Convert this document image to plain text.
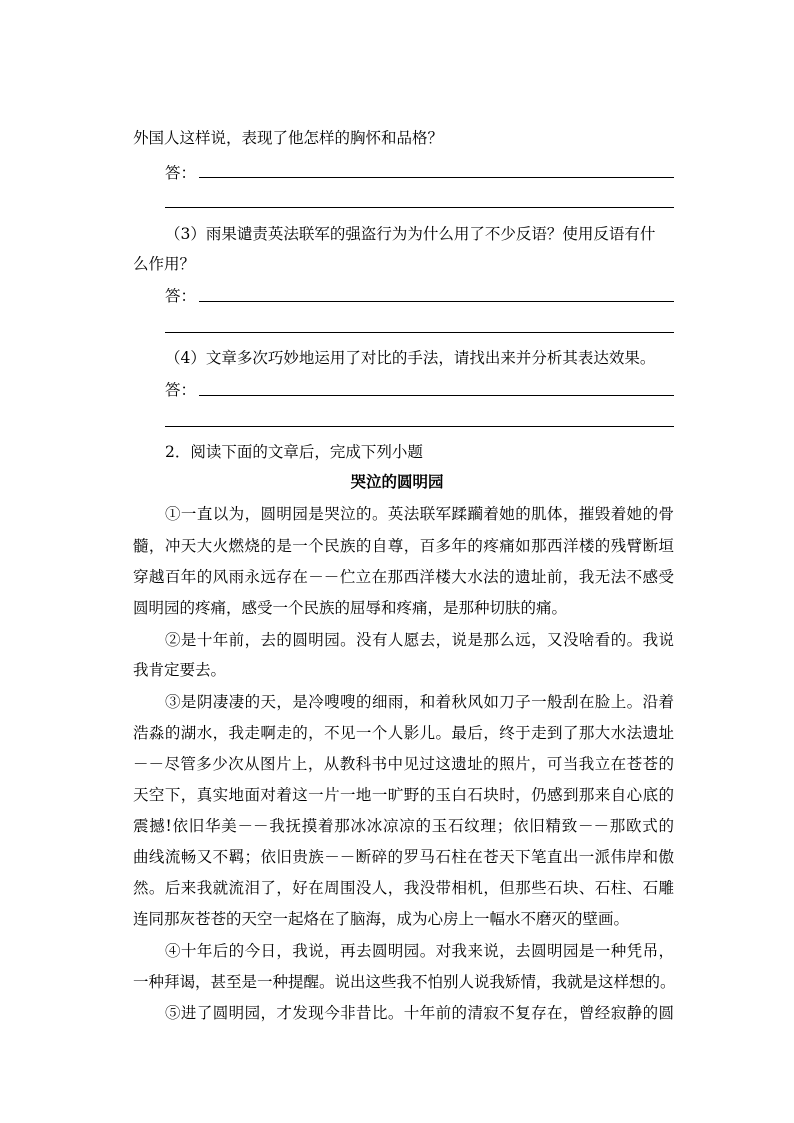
外国人这样说，表现了他怎样的胸怀和品格？
答：
（3）雨果谴责英法联军的强盗行为为什么用了不少反语？使用反语有什
么作用？
答：
（4）文章多次巧妙地运用了对比的手法，请找出来并分析其表达效果。
答：
2．阅读下面的文章后，完成下列小题
哭泣的圆明园
①一直以为，圆明园是哭泣的。英法联军蹂躏着她的肌体，摧毁着她的骨
髓，冲天大火燃烧的是一个民族的自尊，百多年的疼痛如那西洋楼的残臂断垣
穿越百年的风雨永远存在－－伫立在那西洋楼大水法的遗址前，我无法不感受
圆明园的疼痛，感受一个民族的屈辱和疼痛，是那种切肤的痛。
②是十年前，去的圆明园。没有人愿去，说是那么远，又没啥看的。我说
我肯定要去。
③是阴凄凄的天，是冷嗖嗖的细雨，和着秋风如刀子一般刮在脸上。沿着
浩淼的湖水，我走啊走的，不见一个人影儿。最后，终于走到了那大水法遗址
－－尽管多少次从图片上，从教科书中见过这遗址的照片，可当我立在苍苍的
天空下，真实地面对着这一片一地一旷野的玉白石块时，仍感到那来自心底的
震撼!依旧华美－－我抚摸着那冰冰凉凉的玉石纹理；依旧精致－－那欧式的
曲线流畅又不羁；依旧贵族－－断碎的罗马石柱在苍天下笔直出一派伟岸和傲
然。后来我就流泪了，好在周围没人，我没带相机，但那些石块、石柱、石雕
连同那灰苍苍的天空一起烙在了脑海，成为心房上一幅水不磨灭的壁画。
④十年后的今日，我说，再去圆明园。对我来说，去圆明园是一种凭吊，
一种拜谒，甚至是一种提醒。说出这些我不怕别人说我矫情，我就是这样想的。
⑤进了圆明园，才发现今非昔比。十年前的清寂不复存在，曾经寂静的圆
